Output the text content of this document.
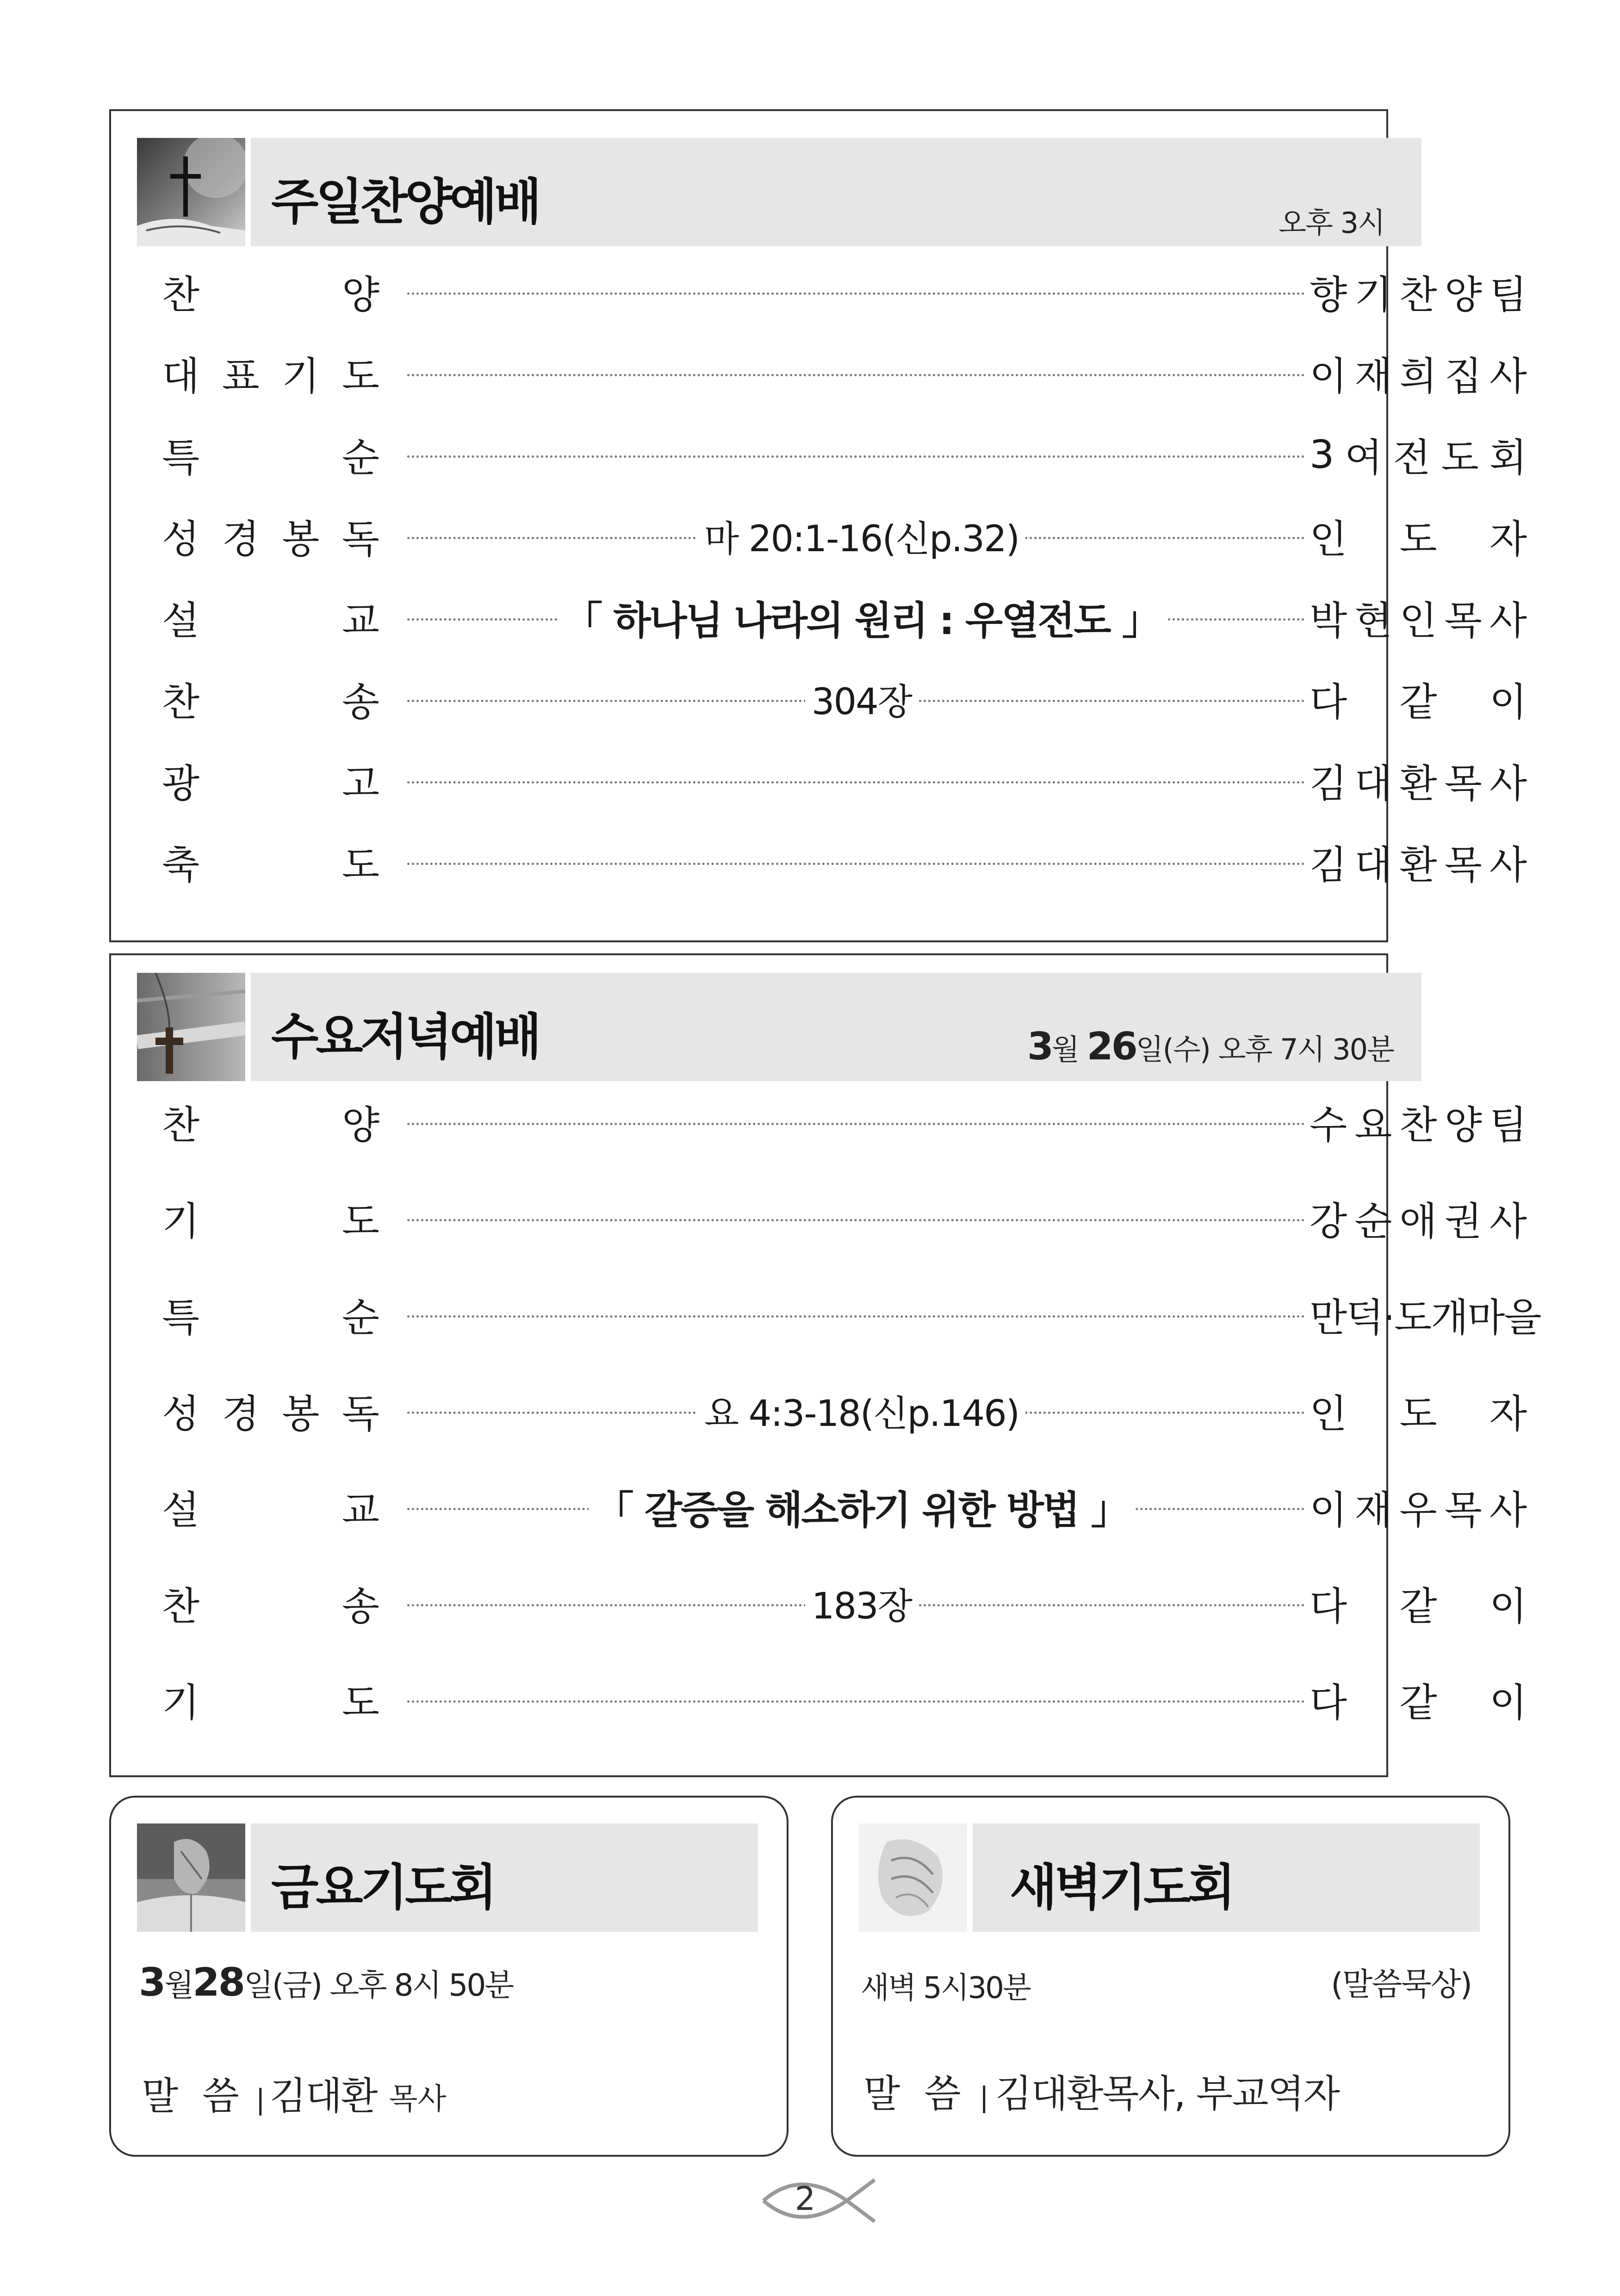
주일찬양예배	오후 3시
찬	양	향 기 찬 양 팀
대 표 기 도	이 재 희 집 사
특	순	3 여 전 도 회
성 경 봉 독	마 20:1-16(신p.32)	인 도 자
설	교	「 하나님 나라의 원리 : 우열전도 」	박 현 인 목 사
찬	송	304장	다 같 이
광	고	김 대 환 목 사
축	도	김 대 환 목 사
수요저녁예배	3월 26일(수) 오후 7시 30분
찬	양	수 요 찬 양 팀
기	도	강 순 애 권 사
특	순	만덕·도개마을
성 경 봉 독	요 4:3-18(신p.146)	인 도 자
설	교	「 갈증을 해소하기 위한 방법 」	이 재 우 목 사
찬	송	183장	다 같 이
기	도	다 같 이
금요기도회
3월28일(금) 오후 8시 50분
말  씀 | 김대환 목사
새벽기도회
새벽 5시30분	(말씀묵상)
말  씀 | 김대환목사, 부교역자
2
